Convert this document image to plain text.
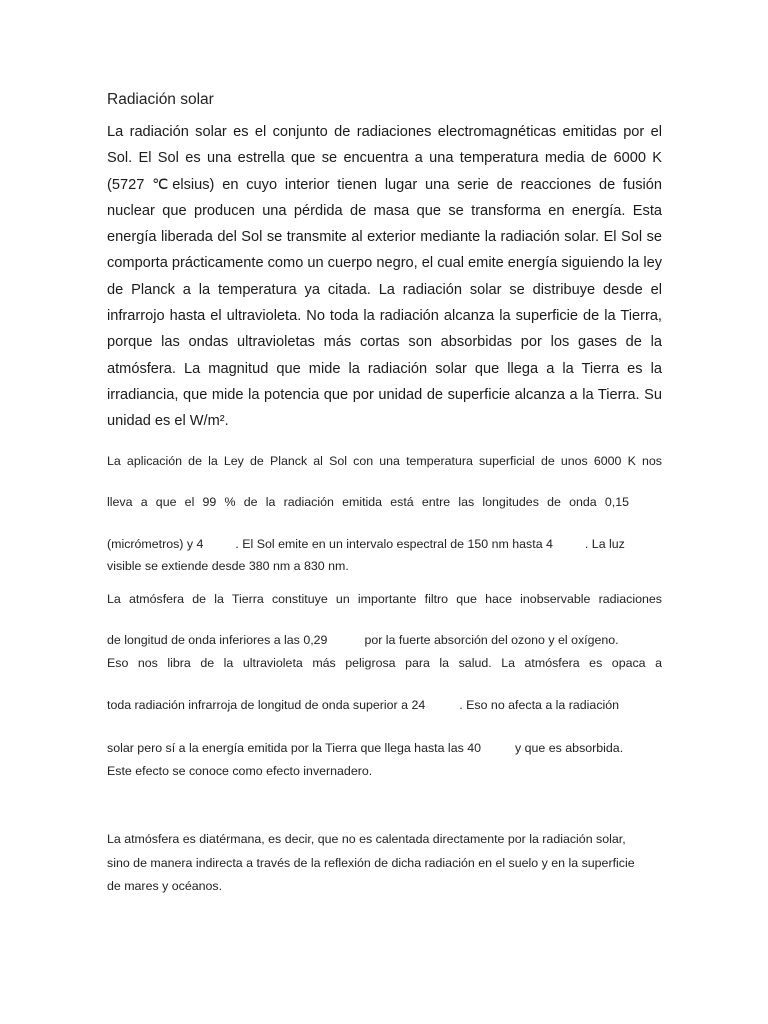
Radiación solar

La radiación solar es el conjunto de radiaciones electromagnéticas emitidas por el Sol. El Sol es una estrella que se encuentra a una temperatura media de 6000 K (5727 ℃elsius) en cuyo interior tienen lugar una serie de reacciones de fusión nuclear que producen una pérdida de masa que se transforma en energía. Esta energía liberada del Sol se transmite al exterior mediante la radiación solar. El Sol se comporta prácticamente como un cuerpo negro, el cual emite energía siguiendo la ley de Planck a la temperatura ya citada. La radiación solar se distribuye desde el infrarrojo hasta el ultravioleta. No toda la radiación alcanza la superficie de la Tierra, porque las ondas ultravioletas más cortas son absorbidas por los gases de la atmósfera. La magnitud que mide la radiación solar que llega a la Tierra es la irradiancia, que mide la potencia que por unidad de superficie alcanza a la Tierra. Su unidad es el W/m².

La aplicación de la Ley de Planck al Sol con una temperatura superficial de unos 6000 K nos

lleva a que el 99 % de la radiación emitida está entre las longitudes de onda 0,15

(micrómetros) y 4	. El Sol emite en un intervalo espectral de 150 nm hasta 4	. La luz

visible se extiende desde 380 nm a 830 nm.

La atmósfera de la Tierra constituye un importante filtro que hace inobservable radiaciones

de longitud de onda inferiores a las 0,29	por la fuerte absorción del ozono y el oxígeno.

Eso nos libra de la ultravioleta más peligrosa para la salud. La atmósfera es opaca a

toda radiación infrarroja de longitud de onda superior a 24	. Eso no afecta a la radiación

solar pero sí a la energía emitida por la Tierra que llega hasta las 40	y que es absorbida.

Este efecto se conoce como efecto invernadero.

La atmósfera es diatérmana, es decir, que no es calentada directamente por la radiación solar,

sino de manera indirecta a través de la reflexión de dicha radiación en el suelo y en la superficie

de mares y océanos.
